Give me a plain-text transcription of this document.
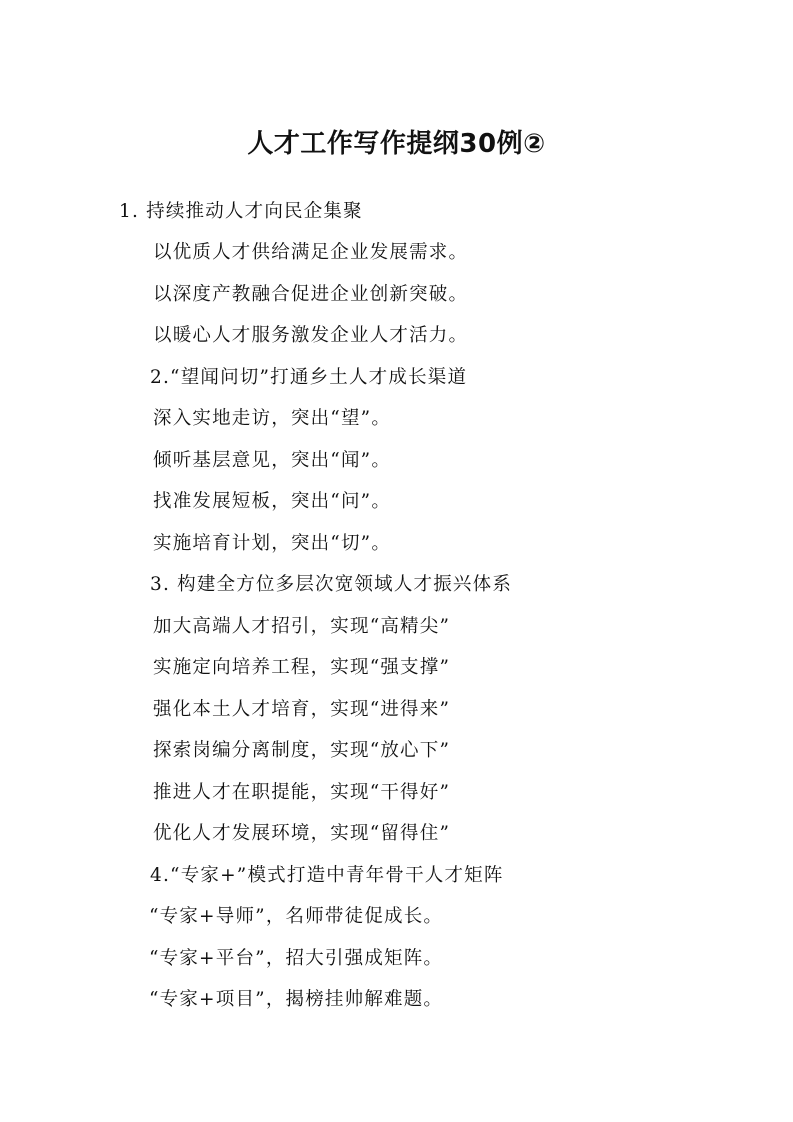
人才工作写作提纲30例②
1. 持续推动人才向民企集聚
以优质人才供给满足企业发展需求。
以深度产教融合促进企业创新突破。
以暖心人才服务激发企业人才活力。
2.“望闻问切”打通乡土人才成长渠道
深入实地走访，突出“望”。
倾听基层意见，突出“闻”。
找准发展短板，突出“问”。
实施培育计划，突出“切”。
3. 构建全方位多层次宽领域人才振兴体系
加大高端人才招引，实现“高精尖”
实施定向培养工程，实现“强支撑”
强化本土人才培育，实现“进得来”
探索岗编分离制度，实现“放心下”
推进人才在职提能，实现“干得好”
优化人才发展环境，实现“留得住”
4.“专家+”模式打造中青年骨干人才矩阵
“专家+导师”，名师带徒促成长。
“专家+平台”，招大引强成矩阵。
“专家+项目”，揭榜挂帅解难题。
